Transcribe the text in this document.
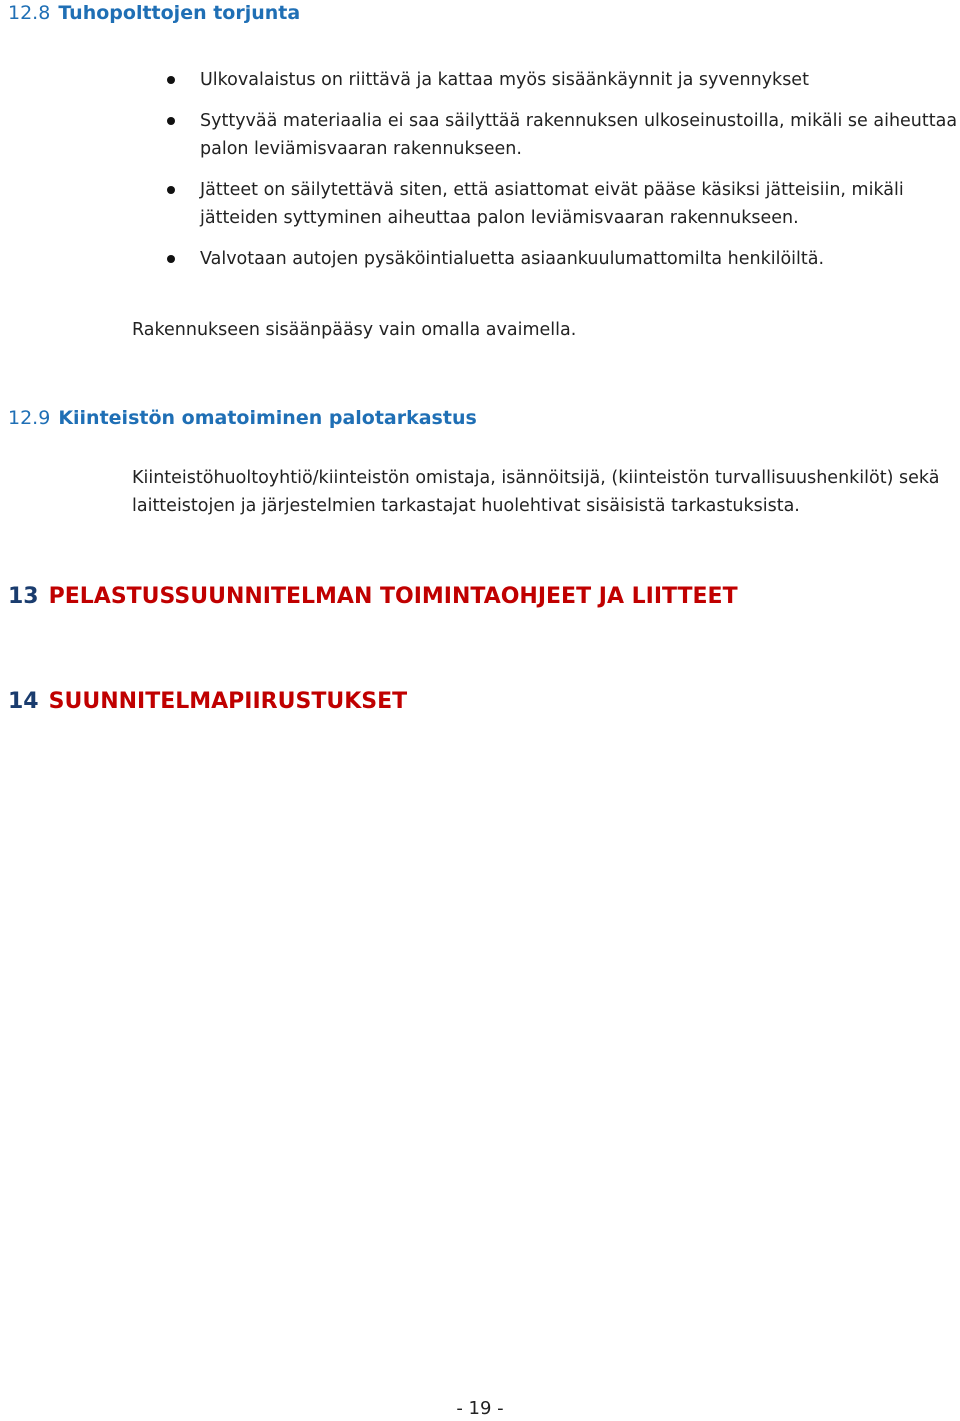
12.8 Tuhopolttojen torjunta
Ulkovalaistus on riittävä ja kattaa myös sisäänkäynnit ja syvennykset
Syttyvää materiaalia ei saa säilyttää rakennuksen ulkoseinustoilla, mikäli se aiheuttaa palon leviämisvaaran rakennukseen.
Jätteet on säilytettävä siten, että asiattomat eivät pääse käsiksi jätteisiin, mikäli jätteiden syttyminen aiheuttaa palon leviämisvaaran rakennukseen.
Valvotaan autojen pysäköintialuetta asiaankuulumattomilta henkilöiltä.

Rakennukseen sisäänpääsy vain omalla avaimella.

12.9 Kiinteistön omatoiminen palotarkastus

Kiinteistöhuoltoyhtiö/kiinteistön omistaja, isännöitsijä, (kiinteistön turvallisuushenkilöt) sekä laitteistojen ja järjestelmien tarkastajat huolehtivat sisäisistä tarkastuksista.

13 PELASTUSSUUNNITELMAN TOIMINTAOHJEET JA LIITTEET
14 SUUNNITELMAPIIRUSTUKSET
- 19 -
